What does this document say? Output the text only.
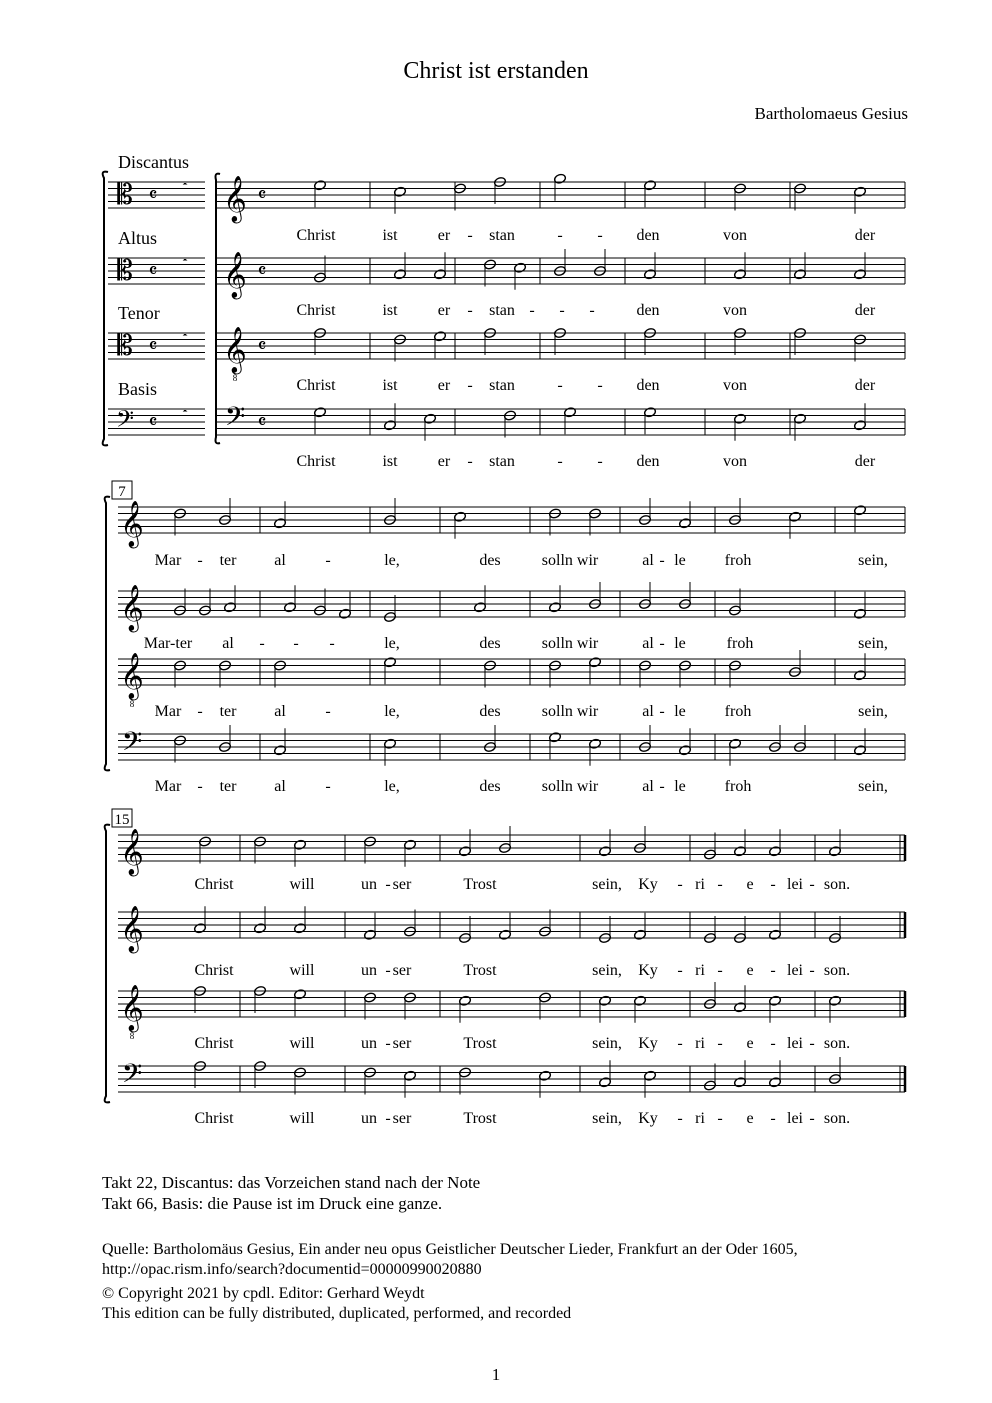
Christ ist erstanden
Bartholomaeus Gesius
𝄡 𝄴 𝄼
Discantus
𝄞 𝄴
Christ	ist	er - stan	- - den	von	der
𝄡 𝄴 𝄼
Altus
𝄞 𝄴
Christ	ist	er - stan - - -	den	von	der
𝄡 𝄴 𝄼
Tenor
𝄞
8
𝄴
Christ	ist	er - stan	- - den	von	der
𝄢 𝄴 𝄼
Basis
𝄢 𝄴
Christ	ist	er - stan	- - den	von	der
𝄞
Mar - ter al -	le,	des	solln wir	al - le froh	sein,
𝄞
Mar-ter al - - -	le,	des	solln wir	al - le	froh	sein,
𝄞
8 Mar - ter al -	le,	des	solln wir	al - le froh	sein,
𝄢
Mar - ter al -	le,	des	solln wir	al - le froh	sein,
7
𝄞
Christ	will	un - ser	Trost	sein, Ky - ri - e - lei - son.
𝄞
Christ	will	un - ser	Trost	sein, Ky - ri - e - lei - son.
𝄞
8	Christ	will	un - ser	Trost	sein, Ky - ri - e - lei - son.
𝄢
Christ	will	un - ser	Trost	sein, Ky - ri - e - lei - son.
15
Takt 22, Discantus: das Vorzeichen stand nach der Note
Takt 66, Basis: die Pause ist im Druck eine ganze.
Quelle: Bartholomäus Gesius, Ein ander neu opus Geistlicher Deutscher Lieder, Frankfurt an der Oder 1605,
http://opac.rism.info/search?documentid=00000990020880
© Copyright 2021 by cpdl. Editor: Gerhard Weydt
This edition can be fully distributed, duplicated, performed, and recorded
1
